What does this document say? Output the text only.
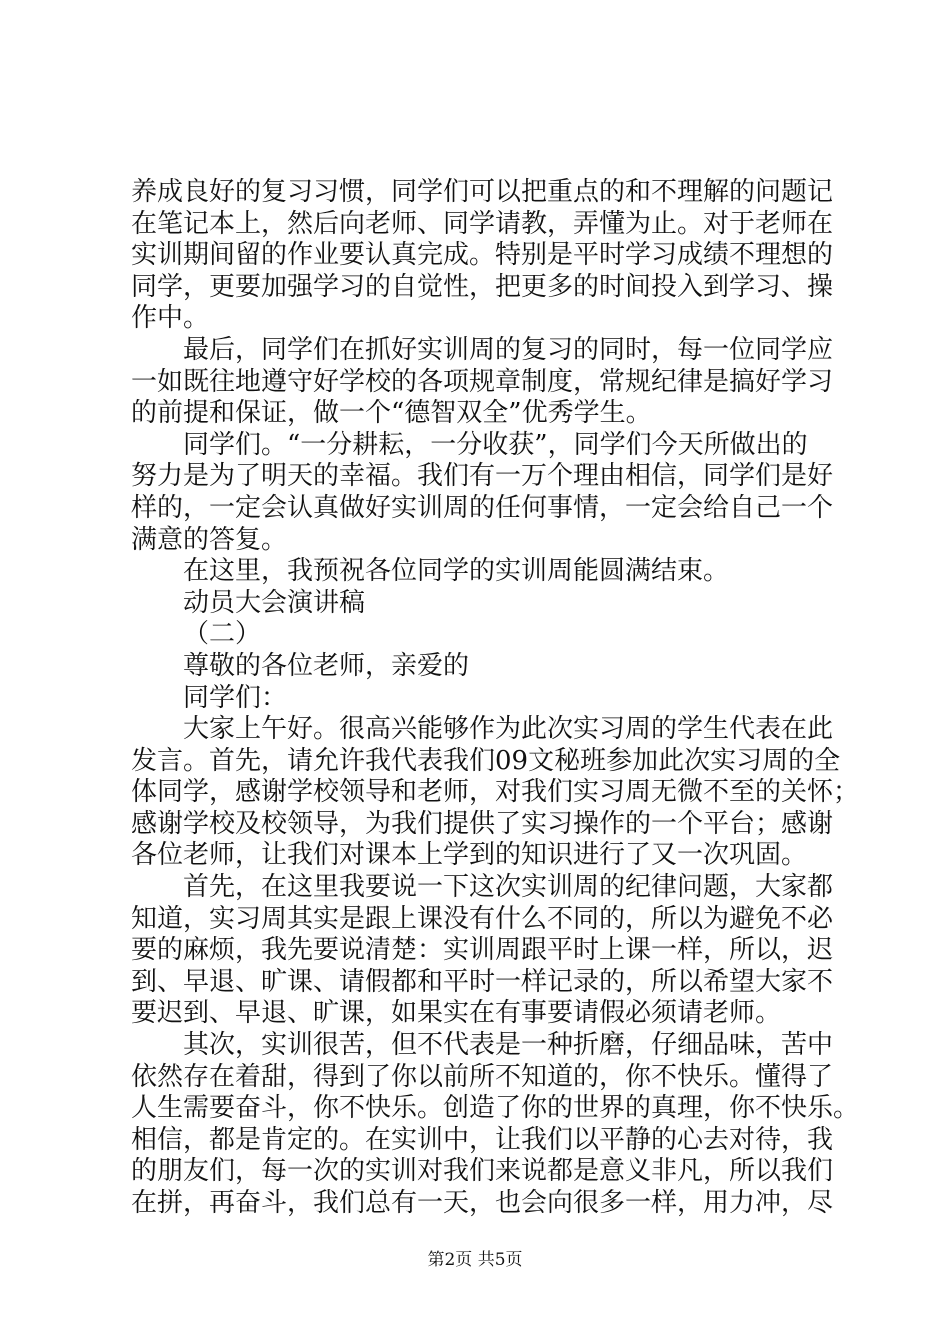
养成良好的复习习惯，同学们可以把重点的和不理解的问题记
在笔记本上，然后向老师、同学请教，弄懂为止。对于老师在
实训期间留的作业要认真完成。特别是平时学习成绩不理想的
同学，更要加强学习的自觉性，把更多的时间投入到学习、操
作中。
最后，同学们在抓好实训周的复习的同时，每一位同学应
一如既往地遵守好学校的各项规章制度，常规纪律是搞好学习
的前提和保证，做一个“德智双全”优秀学生。
同学们。“一分耕耘，一分收获”，同学们今天所做出的
努力是为了明天的幸福。我们有一万个理由相信，同学们是好
样的，一定会认真做好实训周的任何事情，一定会给自己一个
满意的答复。
在这里，我预祝各位同学的实训周能圆满结束。
动员大会演讲稿
（二）
尊敬的各位老师，亲爱的
同学们：
大家上午好。很高兴能够作为此次实习周的学生代表在此
发言。首先，请允许我代表我们09文秘班参加此次实习周的全
体同学，感谢学校领导和老师，对我们实习周无微不至的关怀；
感谢学校及校领导，为我们提供了实习操作的一个平台；感谢
各位老师，让我们对课本上学到的知识进行了又一次巩固。
首先，在这里我要说一下这次实训周的纪律问题，大家都
知道，实习周其实是跟上课没有什么不同的，所以为避免不必
要的麻烦，我先要说清楚：实训周跟平时上课一样，所以，迟
到、早退、旷课、请假都和平时一样记录的，所以希望大家不
要迟到、早退、旷课，如果实在有事要请假必须请老师。
其次，实训很苦，但不代表是一种折磨，仔细品味，苦中
依然存在着甜，得到了你以前所不知道的，你不快乐。懂得了
人生需要奋斗，你不快乐。创造了你的世界的真理，你不快乐。
相信，都是肯定的。在实训中，让我们以平静的心去对待，我
的朋友们，每一次的实训对我们来说都是意义非凡，所以我们
在拼，再奋斗，我们总有一天，也会向很多一样，用力冲，尽
第2页 共5页
